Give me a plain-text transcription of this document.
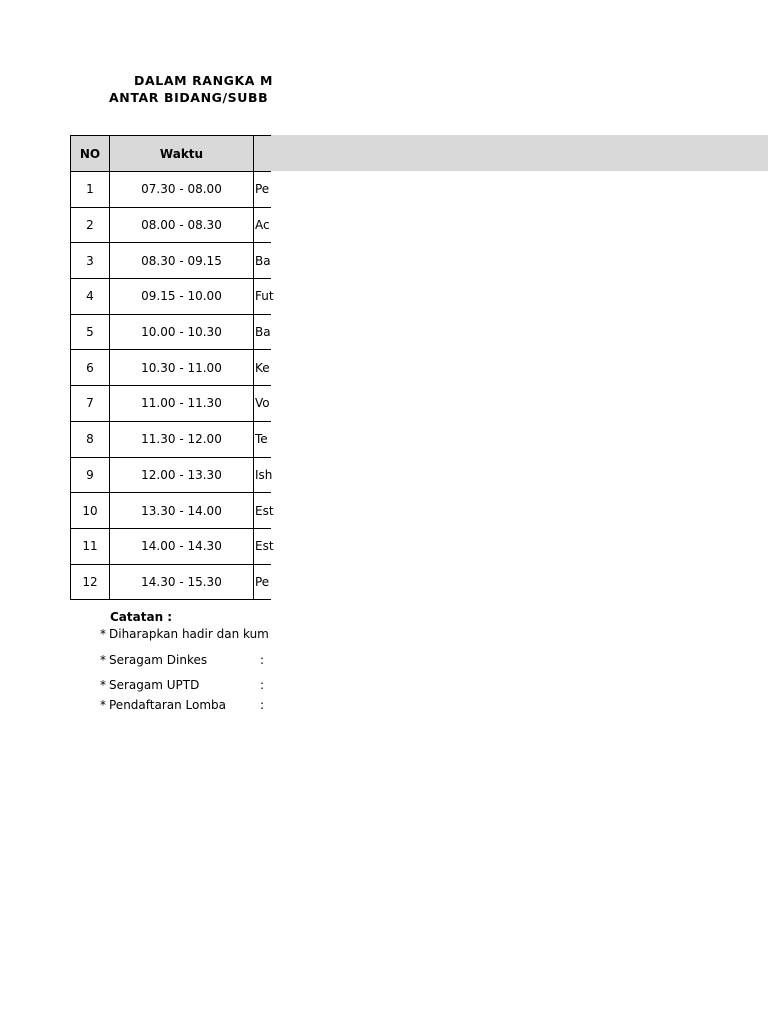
DALAM RANGKA M
ANTAR BIDANG/SUBB
NO	Waktu	
1	07.30 - 08.00	Pe

2	08.00 - 08.30	Ac

3	08.30 - 09.15	Ba

4	09.15 - 10.00	Fut

5	10.00 - 10.30	Ba

6	10.30 - 11.00	Ke

7	11.00 - 11.30	Vo

8	11.30 - 12.00	Te

9	12.00 - 13.30	Ish

10	13.30 - 14.00	Est

11	14.00 - 14.30	Est

12	14.30 - 15.30	Pe
Catatan :
* Diharapkan hadir dan kum
* Seragam Dinkes	:
* Seragam UPTD	:
* Pendaftaran Lomba	:
